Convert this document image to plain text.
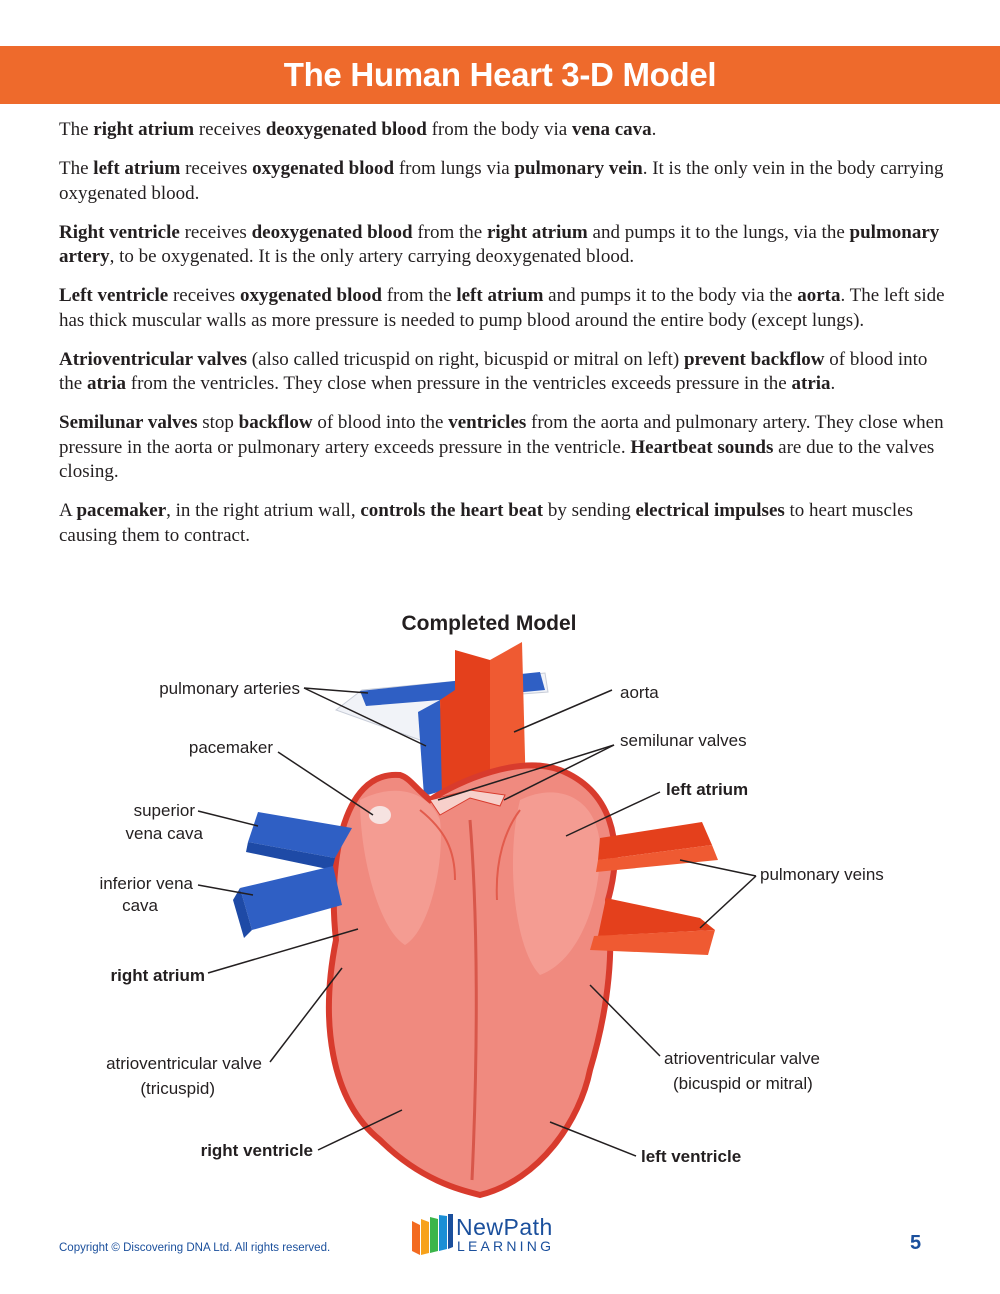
The Human Heart 3-D Model

The right atrium receives deoxygenated blood from the body via vena cava.

The left atrium receives oxygenated blood from lungs via pulmonary vein. It is the only vein in the body carrying oxygenated blood.

Right ventricle receives deoxygenated blood from the right atrium and pumps it to the lungs, via the pulmonary artery, to be oxygenated. It is the only artery carrying deoxygenated blood.

Left ventricle receives oxygenated blood from the left atrium and pumps it to the body via the aorta. The left side has thick muscular walls as more pressure is needed to pump blood around the entire body (except lungs).

Atrioventricular valves (also called tricuspid on right, bicuspid or mitral on left) prevent backflow of blood into the atria from the ventricles. They close when pressure in the ventricles exceeds pressure in the atria.

Semilunar valves stop backflow of blood into the ventricles from the aorta and pulmonary artery. They close when pressure in the aorta or pulmonary artery exceeds pressure in the ventricle. Heartbeat sounds are due to the valves closing.

A pacemaker, in the right atrium wall, controls the heart beat by sending electrical impulses to heart muscles causing them to contract.

Completed Model
pulmonary arteries
pacemaker
superior
vena cava
inferior vena
cava
right atrium
atrioventricular valve
(tricuspid)
right ventricle
aorta
semilunar valves
left atrium
pulmonary veins
atrioventricular valve
(bicuspid or mitral)
left ventricle
Copyright © Discovering DNA Ltd. All rights reserved.
NewPath
LEARNING	5
